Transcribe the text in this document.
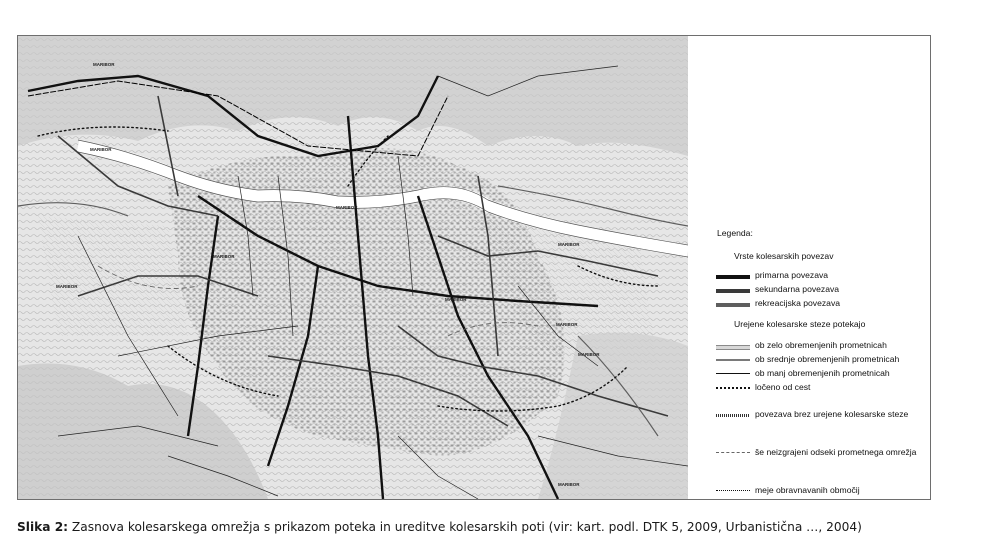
MARIBOR
MARIBOR
MARIBOR
MARIBOR
MARIBOR
MARIBOR
MARIBOR
MARIBOR
MARIBOR
MARIBOR
Legenda:
Vrste kolesarskih povezav
primarna povezava
sekundarna povezava
rekreacijska povezava
Urejene kolesarske steze potekajo
ob zelo obremenjenih prometnicah
ob srednje obremenjenih prometnicah
ob manj obremenjenih prometnicah
ločeno od cest
povezava brez urejene kolesarske steze
še neizgrajeni odseki prometnega omrežja
meje obravnavanih območij
Slika 2: Zasnova kolesarskega omrežja s prikazom poteka in ureditve kolesarskih poti (vir: kart. podl. DTK 5, 2009, Urbanistična …, 2004)
